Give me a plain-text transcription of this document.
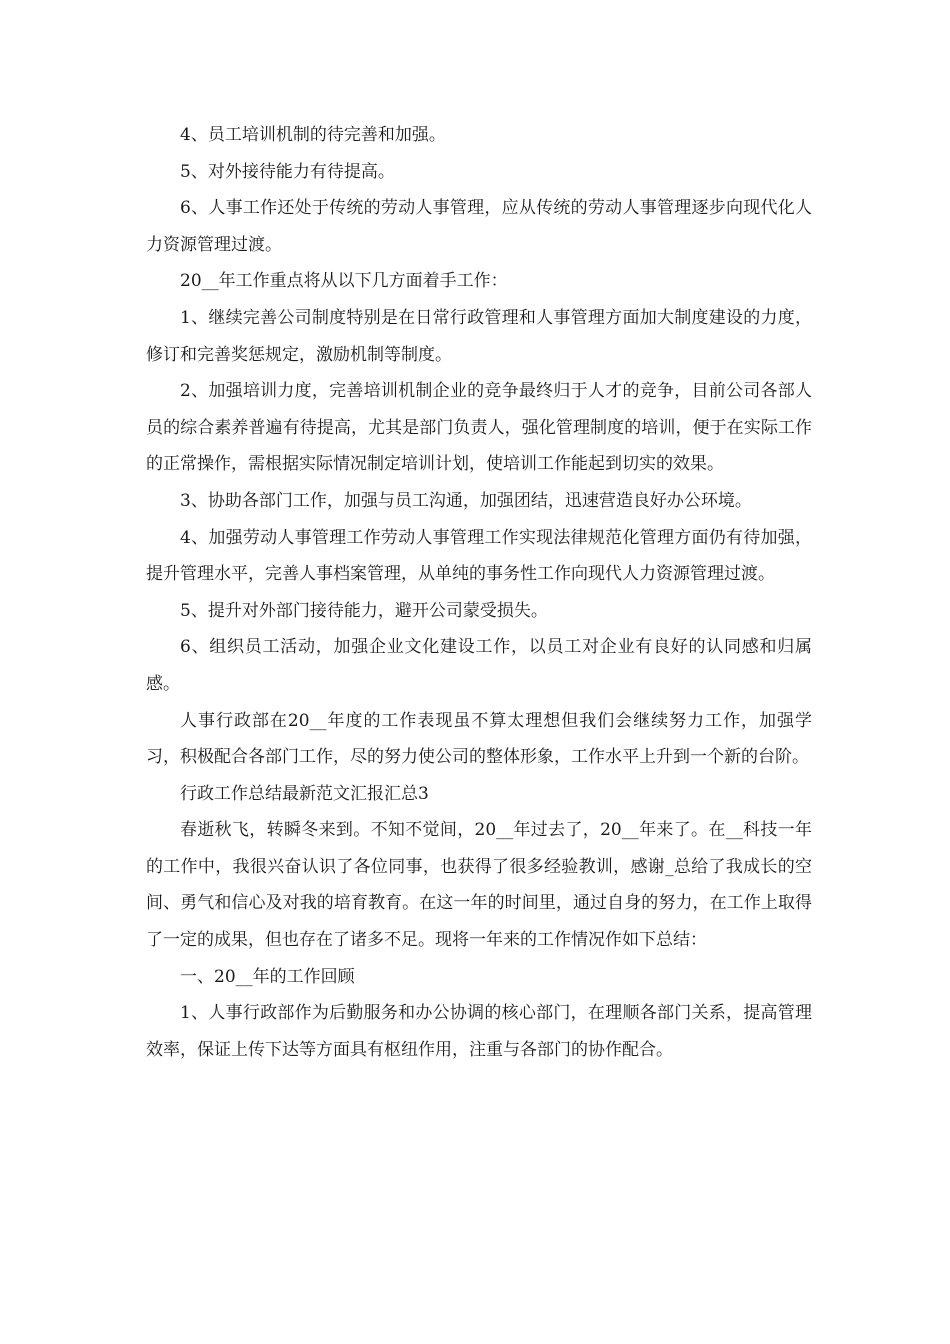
4、员工培训机制的待完善和加强。

5、对外接待能力有待提高。

6、人事工作还处于传统的劳动人事管理，应从传统的劳动人事管理逐步向现代化人力资源管理过渡。

20__年工作重点将从以下几方面着手工作：

1、继续完善公司制度特别是在日常行政管理和人事管理方面加大制度建设的力度，修订和完善奖惩规定，激励机制等制度。

2、加强培训力度，完善培训机制企业的竞争最终归于人才的竞争，目前公司各部人员的综合素养普遍有待提高，尤其是部门负责人，强化管理制度的培训，便于在实际工作的正常操作，需根据实际情况制定培训计划，使培训工作能起到切实的效果。

3、协助各部门工作，加强与员工沟通，加强团结，迅速营造良好办公环境。

4、加强劳动人事管理工作劳动人事管理工作实现法律规范化管理方面仍有待加强，提升管理水平，完善人事档案管理，从单纯的事务性工作向现代人力资源管理过渡。

5、提升对外部门接待能力，避开公司蒙受损失。

6、组织员工活动，加强企业文化建设工作，以员工对企业有良好的认同感和归属感。

人事行政部在20__年度的工作表现虽不算太理想但我们会继续努力工作，加强学习，积极配合各部门工作，尽的努力使公司的整体形象，工作水平上升到一个新的台阶。

行政工作总结最新范文汇报汇总3

春逝秋飞，转瞬冬来到。不知不觉间，20__年过去了，20__年来了。在__科技一年的工作中，我很兴奋认识了各位同事，也获得了很多经验教训，感谢_总给了我成长的空间、勇气和信心及对我的培育教育。在这一年的时间里，通过自身的努力，在工作上取得了一定的成果，但也存在了诸多不足。现将一年来的工作情况作如下总结：

一、20__年的工作回顾

1、人事行政部作为后勤服务和办公协调的核心部门，在理顺各部门关系，提高管理效率，保证上传下达等方面具有枢纽作用，注重与各部门的协作配合。
